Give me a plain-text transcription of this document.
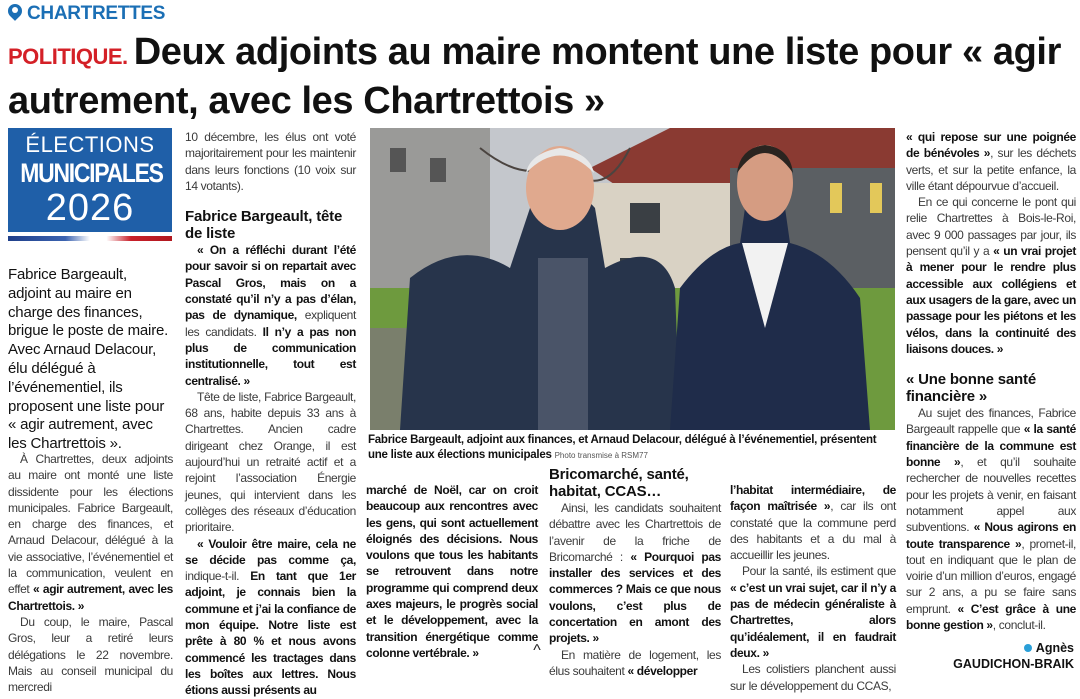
CHARTRETTES
POLITIQUE. Deux adjoints au maire montent une liste pour « agir autrement, avec les Chartrettois »
ÉLECTIONS
MUNICIPALES
2026
Fabrice Bargeault, adjoint au maire en charge des finances, brigue le poste de maire. Avec Arnaud Delacour, élu délégué à l’événementiel, ils proposent une liste pour « agir autrement, avec les Chartrettois ».

À Chartrettes, deux adjoints au maire ont monté une liste dissidente pour les élections municipales. Fabrice Bargeault, en charge des finances, et Arnaud Delacour, délégué à la vie associative, l’événementiel et la communication, veulent en effet « agir autrement, avec les Chartrettois. »

Du coup, le maire, Pascal Gros, leur a retiré leurs délégations le 22 novembre. Mais au conseil municipal du mercredi

10 décembre, les élus ont voté majoritairement pour les maintenir dans leurs fonctions (10 voix sur 14 votants).

Fabrice Bargeault, tête de liste

« On a réfléchi durant l’été pour savoir si on repartait avec Pascal Gros, mais on a constaté qu’il n’y a pas d’élan, pas de dynamique, expliquent les candidats. Il n’y a pas non plus de communication institutionnelle, tout est centralisé. »

Tête de liste, Fabrice Bargeault, 68 ans, habite depuis 33 ans à Chartrettes. Ancien cadre dirigeant chez Orange, il est aujourd’hui un retraité actif et a rejoint l’association Énergie jeunes, qui intervient dans les collèges des réseaux d’éducation prioritaire.

« Vouloir être maire, cela ne se décide pas comme ça, indique-t-il. En tant que 1er adjoint, je connais bien la commune et j’ai la confiance de mon équipe. Notre liste est prête à 80 % et nous avons commencé les tractages dans les boîtes aux lettres. Nous étions aussi présents au

marché de Noël, car on croit beaucoup aux rencontres avec les gens, qui sont actuellement éloignés des décisions. Nous voulons que tous les habitants se retrouvent dans notre programme qui comprend deux axes majeurs, le progrès social et le développement, avec la transition énergétique comme colonne vertébrale. »

Bricomarché, santé, habitat, CCAS…

Ainsi, les candidats souhaitent débattre avec les Chartrettois de l’avenir de la friche de Bricomarché : « Pourquoi pas installer des services et des commerces ? Mais ce que nous voulons, c’est plus de concertation en amont des projets. »

En matière de logement, les élus souhaitent « développer

l’habitat intermédiaire, de façon maîtrisée », car ils ont constaté que la commune perd des habitants et a du mal à accueillir les jeunes.

Pour la santé, ils estiment que « c’est un vrai sujet, car il n’y a pas de médecin généraliste à Chartrettes, alors qu’idéalement, il en faudrait deux. »

Les colistiers planchent aussi sur le développement du CCAS,

« qui repose sur une poignée de bénévoles », sur les déchets verts, et sur la petite enfance, la ville étant dépourvue d’accueil.

En ce qui concerne le pont qui relie Chartrettes à Bois-le-Roi, avec 9 000 passages par jour, ils pensent qu’il y a « un vrai projet à mener pour le rendre plus accessible aux collégiens et aux usagers de la gare, avec un passage pour les piétons et les vélos, dans la continuité des liaisons douces. »

« Une bonne santé financière »

Au sujet des finances, Fabrice Bargeault rappelle que « la santé financière de la commune est bonne », et qu’il souhaite rechercher de nouvelles recettes pour les projets à venir, en faisant notamment appel aux subventions. « Nous agirons en toute transparence », promet-il, tout en indiquant que le plan de voirie d’un million d’euros, engagé sur 2 ans, a pu se faire sans emprunt. « C’est grâce à une bonne gestion », conclut-il.

Fabrice Bargeault, adjoint aux finances, et Arnaud Delacour, délégué à l’événementiel, présentent une liste aux élections municipales Photo transmise à RSM77
Agnès
GAUDICHON-BRAIK
^
